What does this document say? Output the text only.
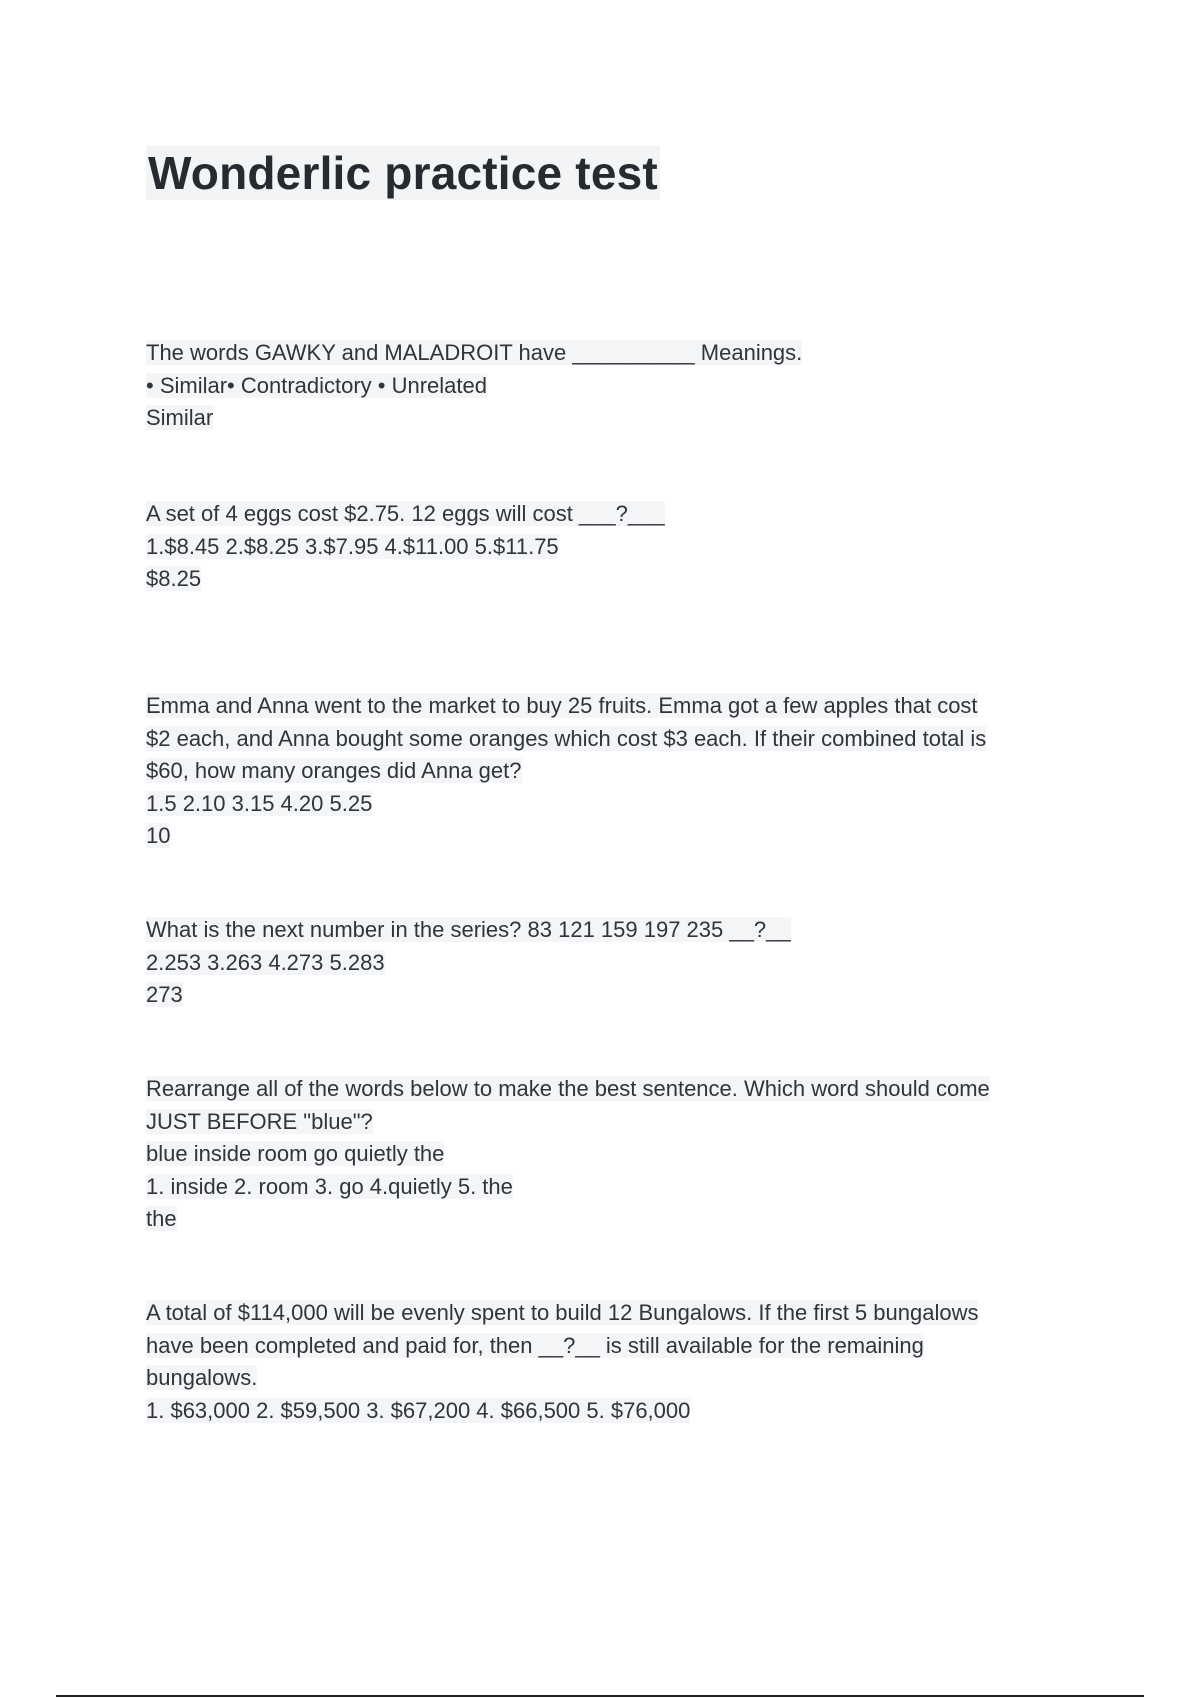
Wonderlic practice test
The words GAWKY and MALADROIT have __________ Meanings.
• Similar• Contradictory • Unrelated
Similar
A set of 4 eggs cost $2.75. 12 eggs will cost ___?___
1.$8.45 2.$8.25 3.$7.95 4.$11.00 5.$11.75
$8.25
Emma and Anna went to the market to buy 25 fruits. Emma got a few apples that cost
$2 each, and Anna bought some oranges which cost $3 each. If their combined total is
$60, how many oranges did Anna get?
1.5 2.10 3.15 4.20 5.25
10
What is the next number in the series? 83 121 159 197 235 __?__
2.253 3.263 4.273 5.283
273
Rearrange all of the words below to make the best sentence. Which word should come
JUST BEFORE "blue"?
blue inside room go quietly the
1. inside 2. room 3. go 4.quietly 5. the
the
A total of $114,000 will be evenly spent to build 12 Bungalows. If the first 5 bungalows
have been completed and paid for, then __?__ is still available for the remaining
bungalows.
1. $63,000 2. $59,500 3. $67,200 4. $66,500 5. $76,000
